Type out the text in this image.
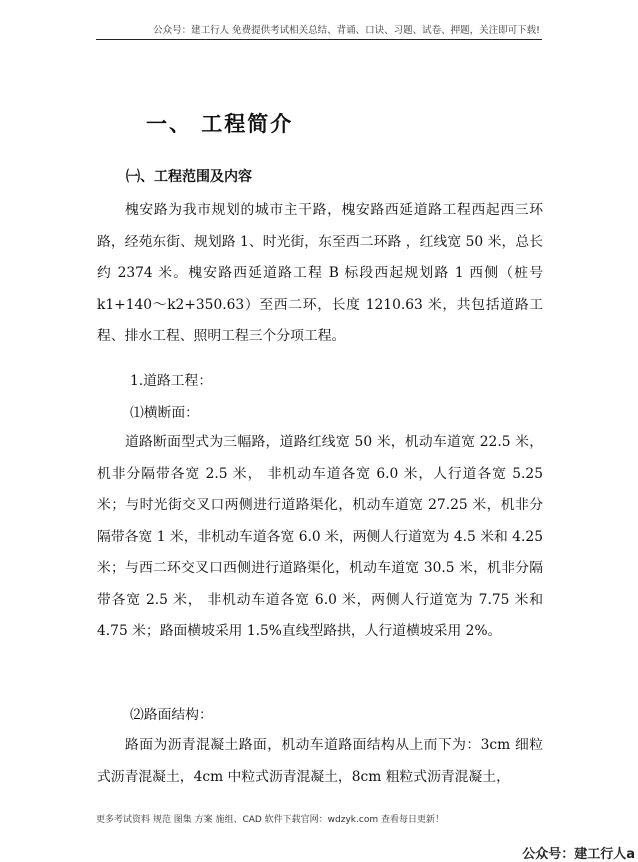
公众号：建工行人 免费提供考试相关总结、背诵、口诀、习题、试卷、押题，关注即可下载!
一、 工程简介
㈠、工程范围及内容

槐安路为我市规划的城市主干路，槐安路西延道路工程西起西三环路，经苑东街、规划路 1、时光街，东至西二环路 ，红线宽 50 米，总长约 2374 米。槐安路西延道路工程 B 标段西起规划路 1 西侧（桩号 k1+140～k2+350.63）至西二环，长度 1210.63 米，共包括道路工程、排水工程、照明工程三个分项工程。

1.道路工程：
⑴横断面：

道路断面型式为三幅路，道路红线宽 50 米，机动车道宽 22.5 米，机非分隔带各宽 2.5 米， 非机动车道各宽 6.0 米，人行道各宽 5.25 米；与时光街交叉口两侧进行道路渠化，机动车道宽 27.25 米，机非分隔带各宽 1 米，非机动车道各宽 6.0 米，两侧人行道宽为 4.5 米和 4.25 米；与西二环交叉口西侧进行道路渠化，机动车道宽 30.5 米，机非分隔带各宽 2.5 米， 非机动车道各宽 6.0 米，两侧人行道宽为 7.75 米和 4.75 米；路面横坡采用 1.5%直线型路拱，人行道横坡采用 2%。

⑵路面结构：

路面为沥青混凝土路面，机动车道路面结构从上而下为：3cm 细粒式沥青混凝土，4cm 中粒式沥青混凝土，8cm 粗粒式沥青混凝土，

更多考试资料 规范 图集 方案 施组、CAD 软件下载官网：wdzyk.com 查看每日更新！
公众号：建工行人a
